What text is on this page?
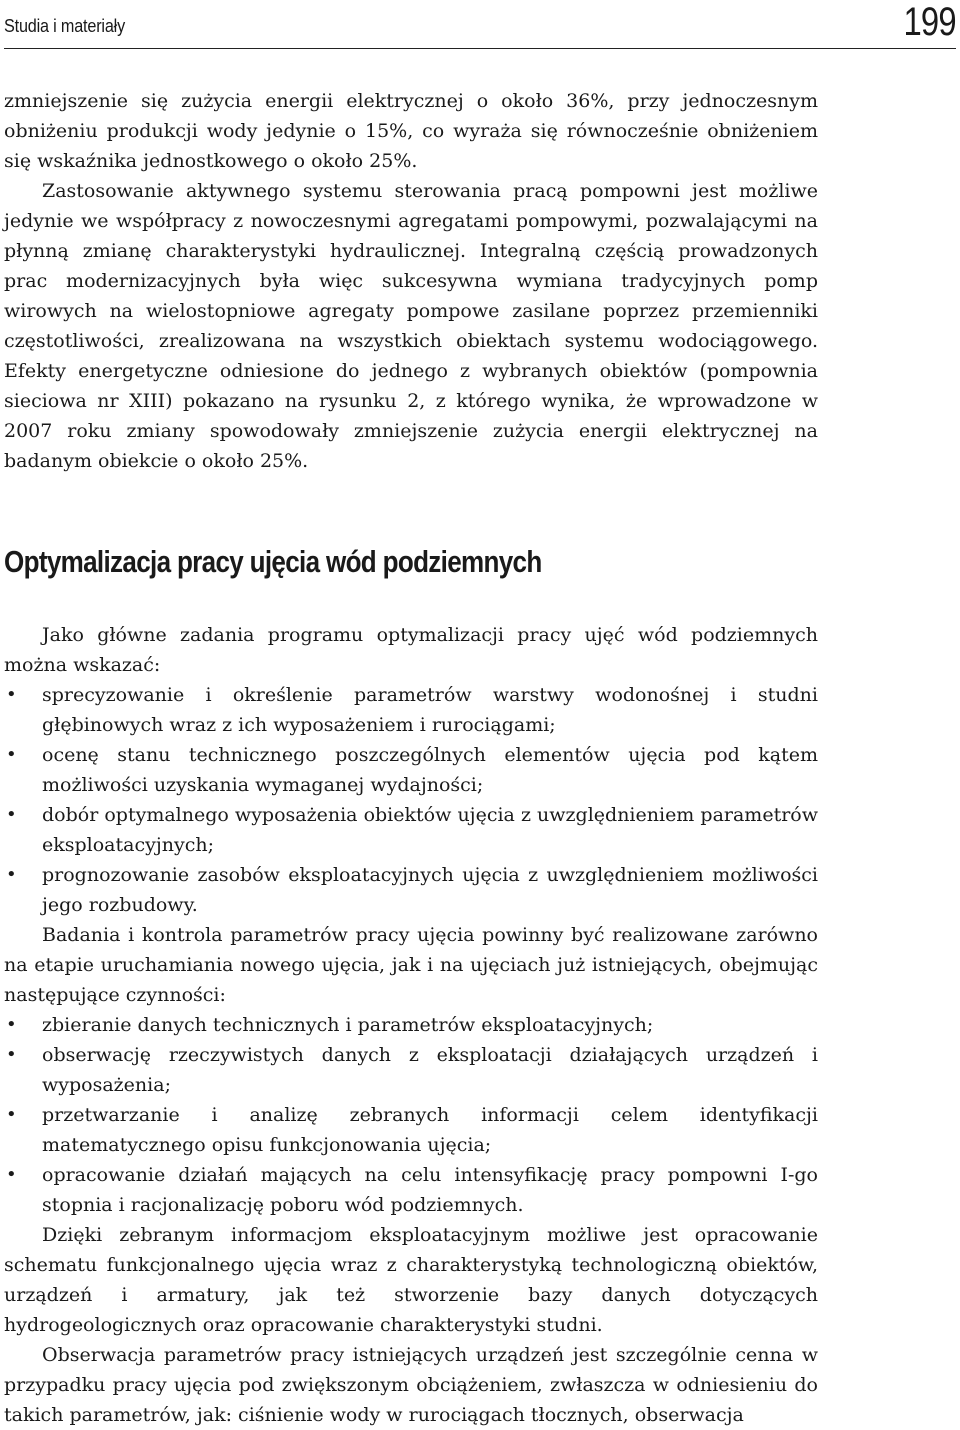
Studia i materiały	199

zmniejszenie się zużycia energii elektrycznej o około 36%, przy jednoczesnym obniżeniu produkcji wody jedynie o 15%, co wyraża się równocześnie obniżeniem się wskaźnika jednostkowego o około 25%.

Zastosowanie aktywnego systemu sterowania pracą pompowni jest możliwe jedynie we współpracy z nowoczesnymi agregatami pompowymi, pozwalającymi na płynną zmianę charakterystyki hydraulicznej. Integralną częścią prowadzonych prac modernizacyjnych była więc sukcesywna wymiana tradycyjnych pomp wirowych na wielostopniowe agregaty pompowe zasilane poprzez przemienniki częstotliwości, zrealizowana na wszystkich obiektach systemu wodociągowego. Efekty energetyczne odniesione do jednego z wybranych obiektów (pompownia sieciowa nr XIII) pokazano na rysunku 2, z którego wynika, że wprowadzone w 2007 roku zmiany spowodowały zmniejszenie zużycia energii elektrycznej na badanym obiekcie o około 25%.

Optymalizacja pracy ujęcia wód podziemnych

Jako główne zadania programu optymalizacji pracy ujęć wód podziemnych można wskazać:

• sprecyzowanie i określenie parametrów warstwy wodonośnej i studni głębinowych wraz z ich wyposażeniem i rurociągami;
• ocenę stanu technicznego poszczególnych elementów ujęcia pod kątem możliwości uzyskania wymaganej wydajności;
• dobór optymalnego wyposażenia obiektów ujęcia z uwzględnieniem parametrów eksploatacyjnych;
• prognozowanie zasobów eksploatacyjnych ujęcia z uwzględnieniem możliwości jego rozbudowy.

Badania i kontrola parametrów pracy ujęcia powinny być realizowane zarówno na etapie uruchamiania nowego ujęcia, jak i na ujęciach już istniejących, obejmując następujące czynności:

• zbieranie danych technicznych i parametrów eksploatacyjnych;
• obserwację rzeczywistych danych z eksploatacji działających urządzeń i wyposażenia;
• przetwarzanie i analizę zebranych informacji celem identyfikacji matematycznego opisu funkcjonowania ujęcia;
• opracowanie działań mających na celu intensyfikację pracy pompowni I-go stopnia i racjonalizację poboru wód podziemnych.

Dzięki zebranym informacjom eksploatacyjnym możliwe jest opracowanie schematu funkcjonalnego ujęcia wraz z charakterystyką technologiczną obiektów, urządzeń i armatury, jak też stworzenie bazy danych dotyczących hydrogeologicznych oraz opracowanie charakterystyki studni.

Obserwacja parametrów pracy istniejących urządzeń jest szczególnie cenna w przypadku pracy ujęcia pod zwiększonym obciążeniem, zwłaszcza w odniesieniu do takich parametrów, jak: ciśnienie wody w rurociągach tłocznych, obserwacja
